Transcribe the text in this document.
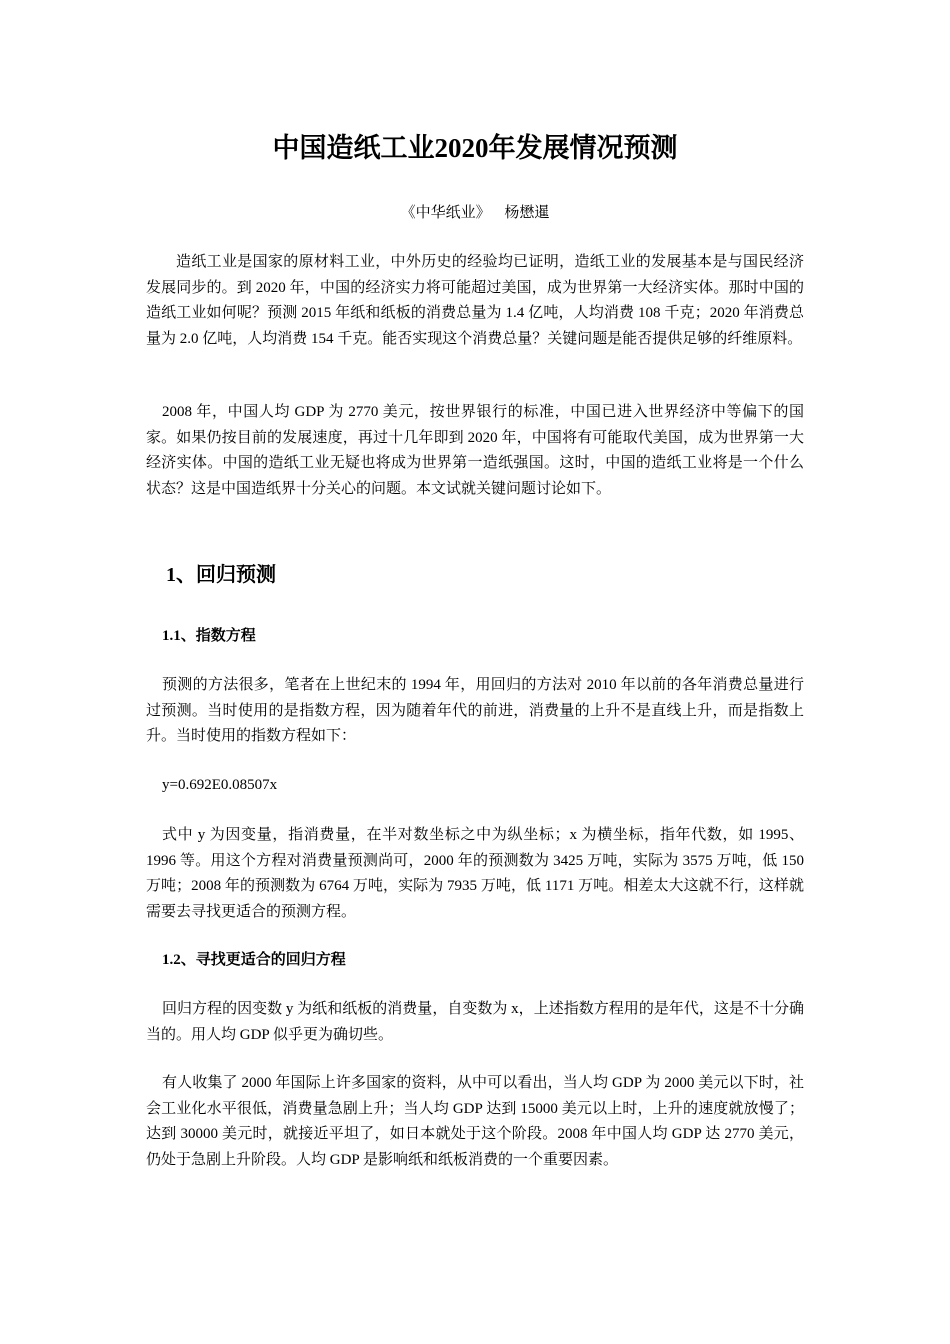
中国造纸工业2020年发展情况预测

《中华纸业》 杨懋暹

造纸工业是国家的原材料工业，中外历史的经验均已证明，造纸工业的发展基本是与国民经济发展同步的。到 2020 年，中国的经济实力将可能超过美国，成为世界第一大经济实体。那时中国的造纸工业如何呢？预测 2015 年纸和纸板的消费总量为 1.4 亿吨，人均消费 108 千克；2020 年消费总量为 2.0 亿吨，人均消费 154 千克。能否实现这个消费总量？关键问题是能否提供足够的纤维原料。

2008 年，中国人均 GDP 为 2770 美元，按世界银行的标准，中国已进入世界经济中等偏下的国家。如果仍按目前的发展速度，再过十几年即到 2020 年，中国将有可能取代美国，成为世界第一大经济实体。中国的造纸工业无疑也将成为世界第一造纸强国。这时，中国的造纸工业将是一个什么状态？这是中国造纸界十分关心的问题。本文试就关键问题讨论如下。

1、回归预测
1.1、指数方程

预测的方法很多，笔者在上世纪末的 1994 年，用回归的方法对 2010 年以前的各年消费总量进行过预测。当时使用的是指数方程，因为随着年代的前进，消费量的上升不是直线上升，而是指数上升。当时使用的指数方程如下：

y=0.692E0.08507x

式中 y 为因变量，指消费量，在半对数坐标之中为纵坐标；x 为横坐标，指年代数，如 1995、1996 等。用这个方程对消费量预测尚可，2000 年的预测数为 3425 万吨，实际为 3575 万吨，低 150 万吨；2008 年的预测数为 6764 万吨，实际为 7935 万吨，低 1171 万吨。相差太大这就不行，这样就需要去寻找更适合的预测方程。

1.2、寻找更适合的回归方程

回归方程的因变数 y 为纸和纸板的消费量，自变数为 x，上述指数方程用的是年代，这是不十分确当的。用人均 GDP 似乎更为确切些。

有人收集了 2000 年国际上许多国家的资料，从中可以看出，当人均 GDP 为 2000 美元以下时，社会工业化水平很低，消费量急剧上升；当人均 GDP 达到 15000 美元以上时，上升的速度就放慢了；达到 30000 美元时，就接近平坦了，如日本就处于这个阶段。2008 年中国人均 GDP 达 2770 美元，仍处于急剧上升阶段。人均 GDP 是影响纸和纸板消费的一个重要因素。
